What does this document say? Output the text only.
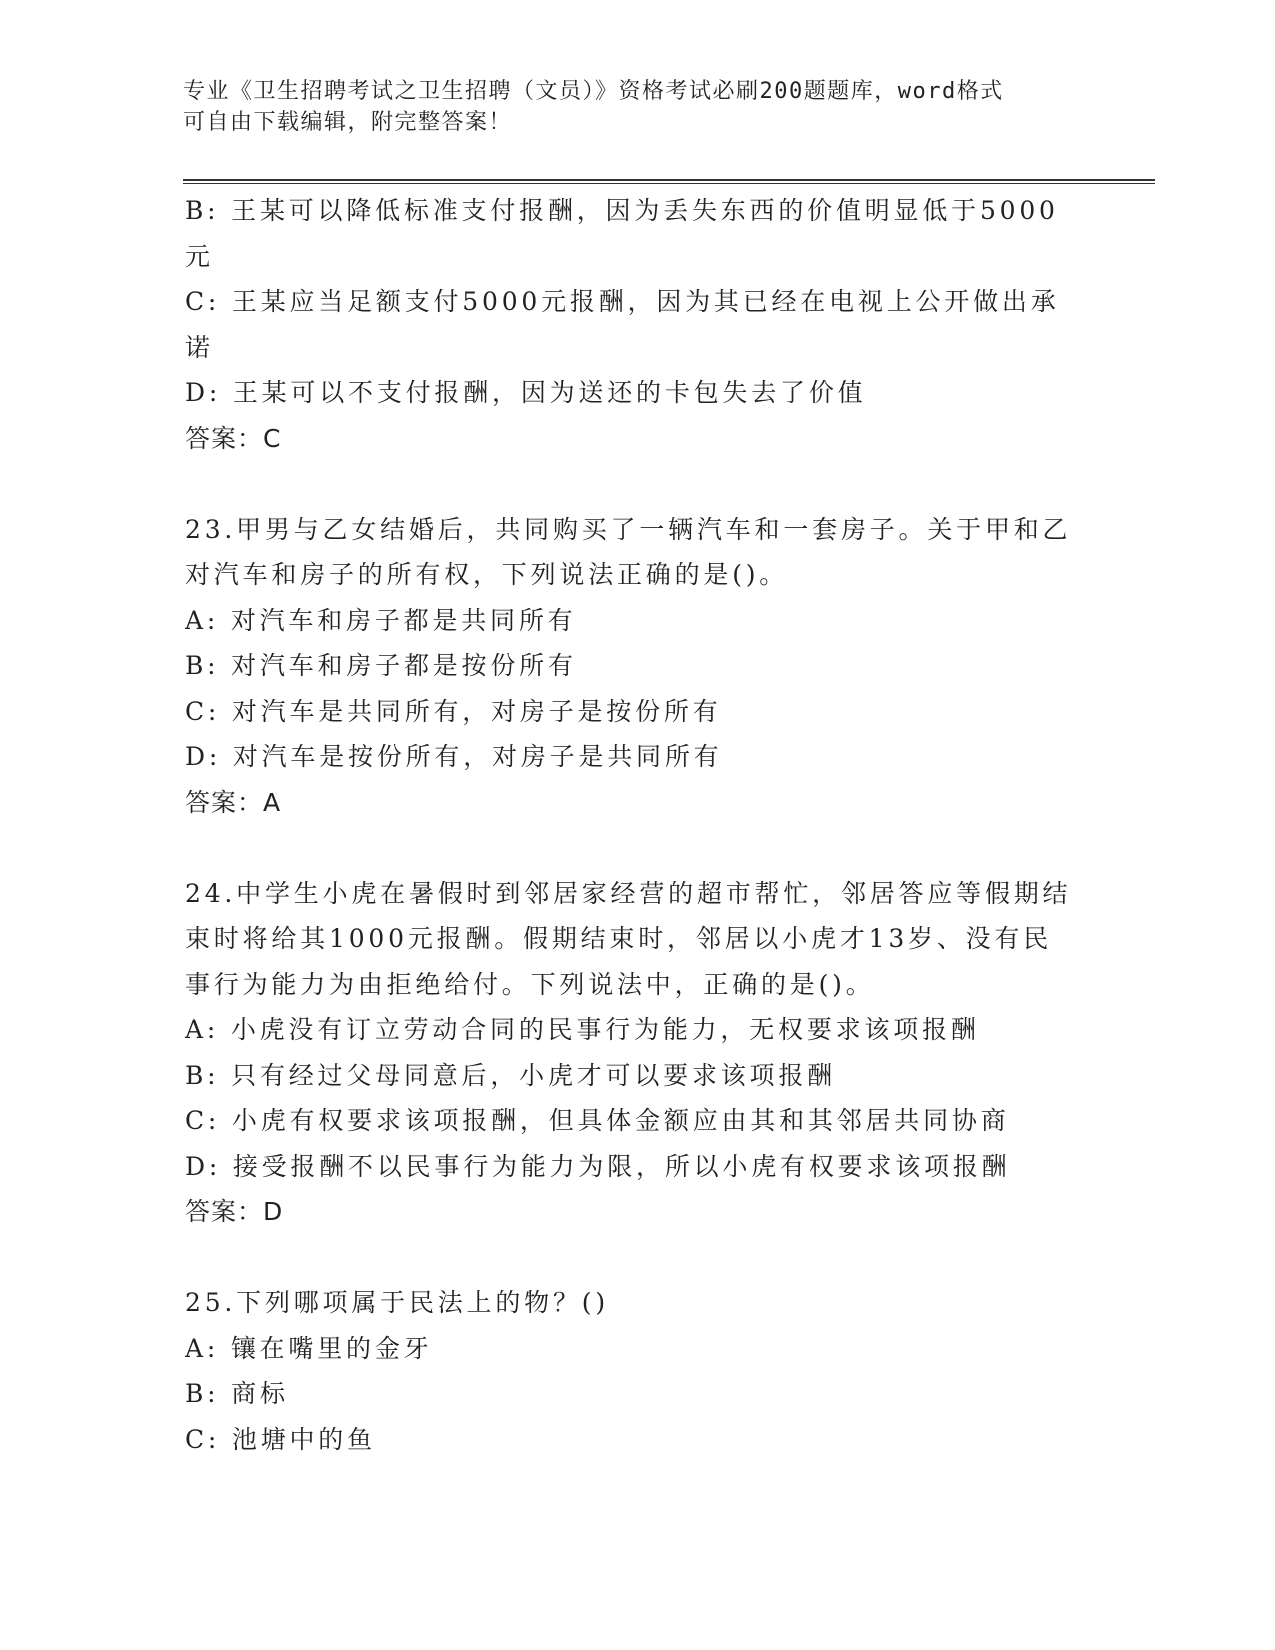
专业《卫生招聘考试之卫生招聘（文员）》资格考试必刷200题题库，word格式
可自由下载编辑，附完整答案！
B: 王某可以降低标准支付报酬，因为丢失东西的价值明显低于5000
元
C: 王某应当足额支付5000元报酬，因为其已经在电视上公开做出承
诺
D: 王某可以不支付报酬，因为送还的卡包失去了价值
答案：C
23.甲男与乙女结婚后，共同购买了一辆汽车和一套房子。关于甲和乙
对汽车和房子的所有权，下列说法正确的是()。
A: 对汽车和房子都是共同所有
B: 对汽车和房子都是按份所有
C: 对汽车是共同所有，对房子是按份所有
D: 对汽车是按份所有，对房子是共同所有
答案：A
24.中学生小虎在暑假时到邻居家经营的超市帮忙，邻居答应等假期结
束时将给其1000元报酬。假期结束时，邻居以小虎才13岁、没有民
事行为能力为由拒绝给付。下列说法中，正确的是()。
A: 小虎没有订立劳动合同的民事行为能力，无权要求该项报酬
B: 只有经过父母同意后，小虎才可以要求该项报酬
C: 小虎有权要求该项报酬，但具体金额应由其和其邻居共同协商
D: 接受报酬不以民事行为能力为限，所以小虎有权要求该项报酬
答案：D
25.下列哪项属于民法上的物？()
A: 镶在嘴里的金牙
B: 商标
C: 池塘中的鱼
